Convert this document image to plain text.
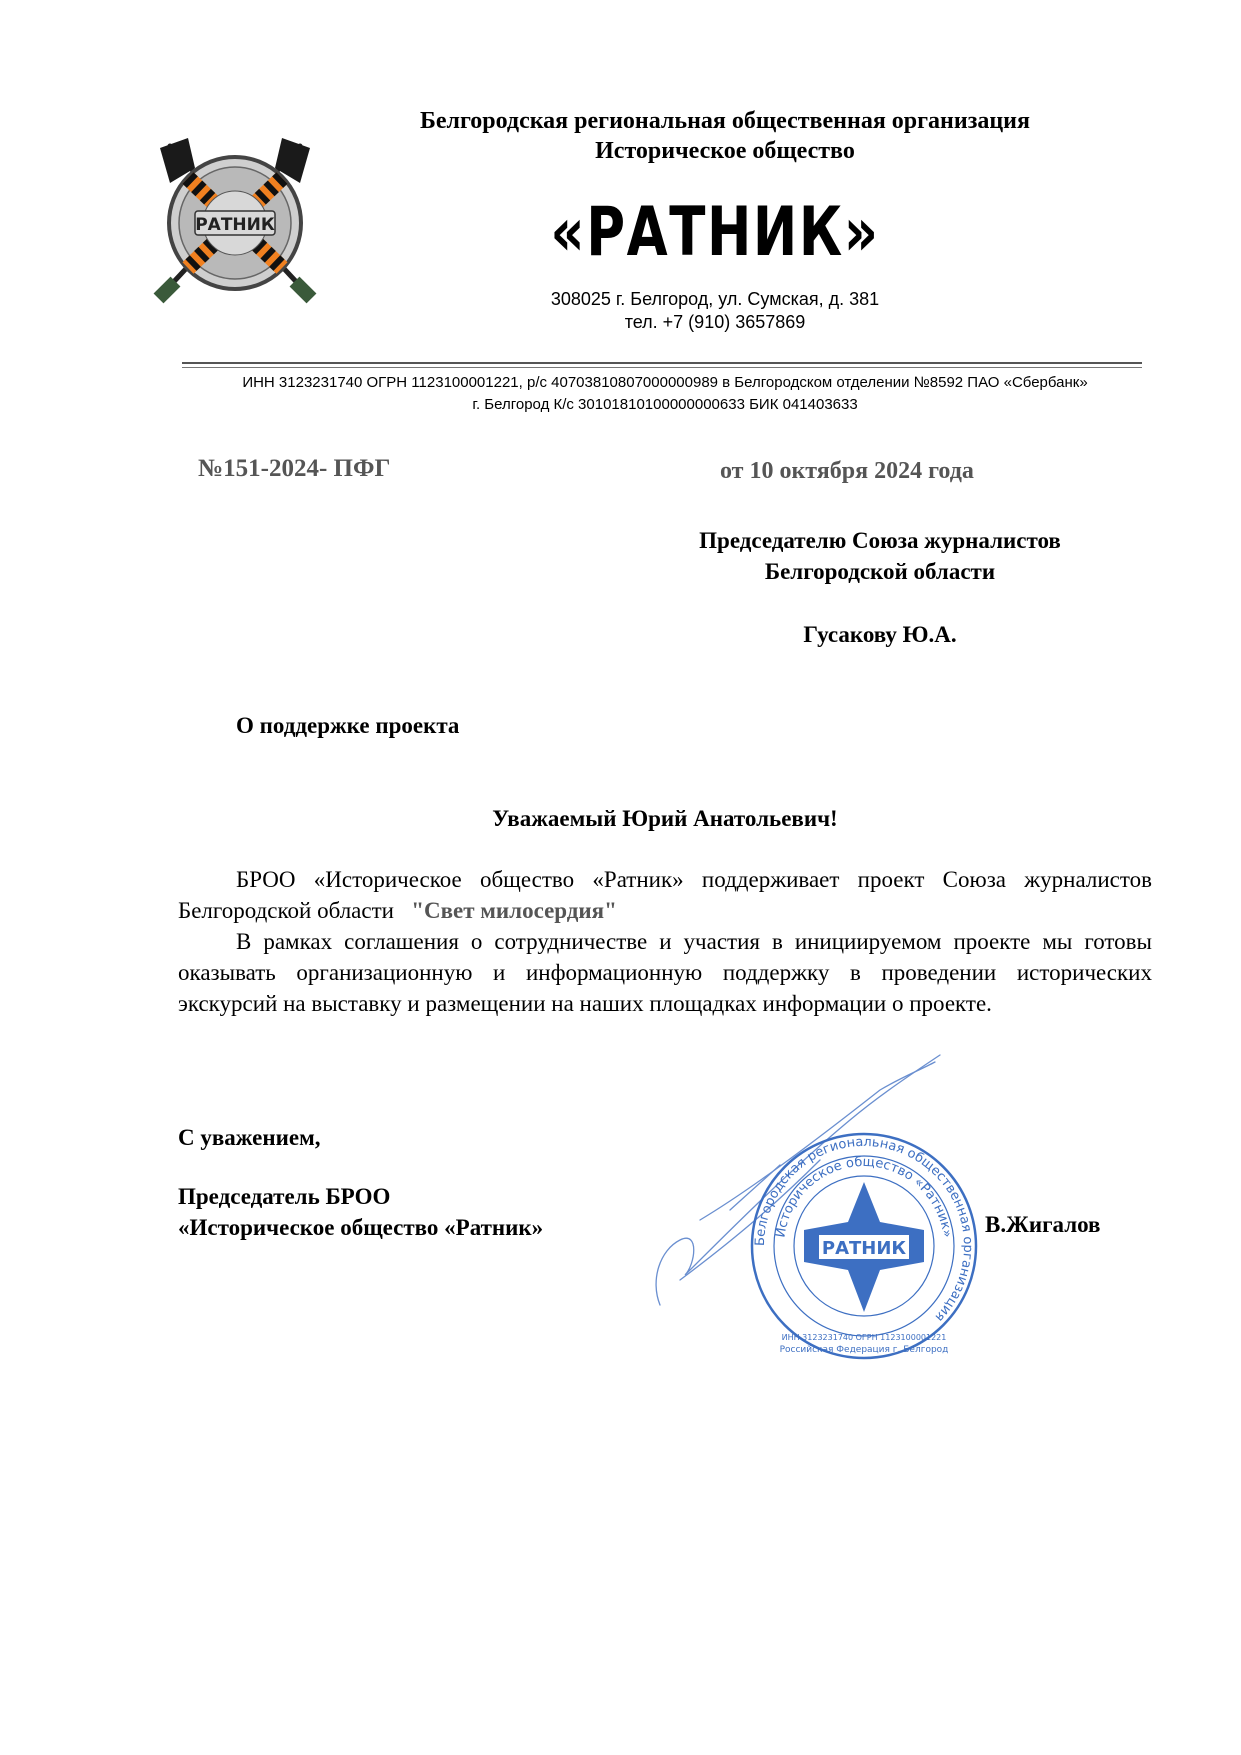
РАТНИК
Белгородская региональная общественная организация
Историческое общество
«РАТНИК»
308025 г. Белгород, ул. Сумская, д. 381
тел. +7 (910) 3657869
ИНН 3123231740 ОГРН 1123100001221, р/с 40703810807000000989 в Белгородском отделении №8592 ПАО «Сбербанк»
г. Белгород К/с 30101810100000000633 БИК 041403633
№151-2024- ПФГ	от 10 октября 2024 года
Председателю Союза журналистов
Белгородской области
Гусакову Ю.А.
О поддержке проекта
Уважаемый Юрий Анатольевич!
БРОО «Историческое общество «Ратник» поддерживает проект Союза журналистов Белгородской области "Свет милосердия"
В рамках соглашения о сотрудничестве и участия в инициируемом проекте мы готовы оказывать организационную и информационную поддержку в проведении исторических экскурсий на выставку и размещении на наших площадках информации о проекте.
С уважением,
Председатель БРОО
«Историческое общество «Ратник»
Белгородская региональная общественная организация
Историческое общество «Ратник»
Российская Федерация г. Белгород
ИНН 3123231740 ОГРН 1123100001221
РАТНИК
В.Жигалов
